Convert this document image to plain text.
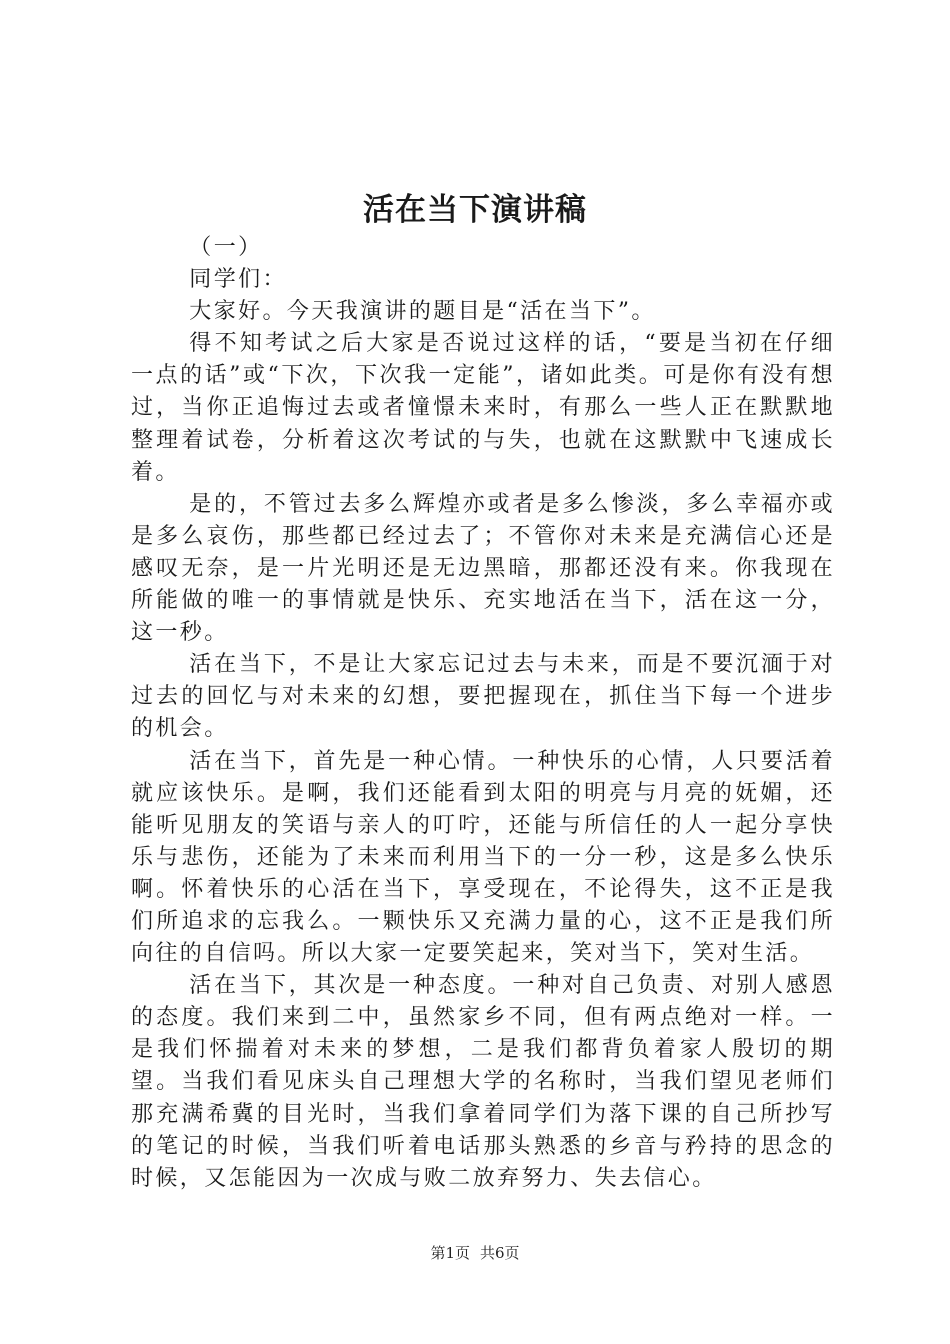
活在当下演讲稿

（一）

同学们：

大家好。今天我演讲的题目是“活在当下”。

得不知考试之后大家是否说过这样的话，“要是当初在仔细一点的话”或“下次，下次我一定能”，诸如此类。可是你有没有想过，当你正追悔过去或者憧憬未来时，有那么一些人正在默默地整理着试卷，分析着这次考试的与失，也就在这默默中飞速成长着。

是的，不管过去多么辉煌亦或者是多么惨淡，多么幸福亦或是多么哀伤，那些都已经过去了；不管你对未来是充满信心还是感叹无奈，是一片光明还是无边黑暗，那都还没有来。你我现在所能做的唯一的事情就是快乐、充实地活在当下，活在这一分，这一秒。

活在当下，不是让大家忘记过去与未来，而是不要沉湎于对过去的回忆与对未来的幻想，要把握现在，抓住当下每一个进步的机会。

活在当下，首先是一种心情。一种快乐的心情，人只要活着就应该快乐。是啊，我们还能看到太阳的明亮与月亮的妩媚，还能听见朋友的笑语与亲人的叮咛，还能与所信任的人一起分享快乐与悲伤，还能为了未来而利用当下的一分一秒，这是多么快乐啊。怀着快乐的心活在当下，享受现在，不论得失，这不正是我们所追求的忘我么。一颗快乐又充满力量的心，这不正是我们所向往的自信吗。所以大家一定要笑起来，笑对当下，笑对生活。

活在当下，其次是一种态度。一种对自己负责、对别人感恩的态度。我们来到二中，虽然家乡不同，但有两点绝对一样。一是我们怀揣着对未来的梦想，二是我们都背负着家人殷切的期望。当我们看见床头自己理想大学的名称时，当我们望见老师们那充满希冀的目光时，当我们拿着同学们为落下课的自己所抄写的笔记的时候，当我们听着电话那头熟悉的乡音与矜持的思念的时候，又怎能因为一次成与败二放弃努力、失去信心。

第1页 共6页
